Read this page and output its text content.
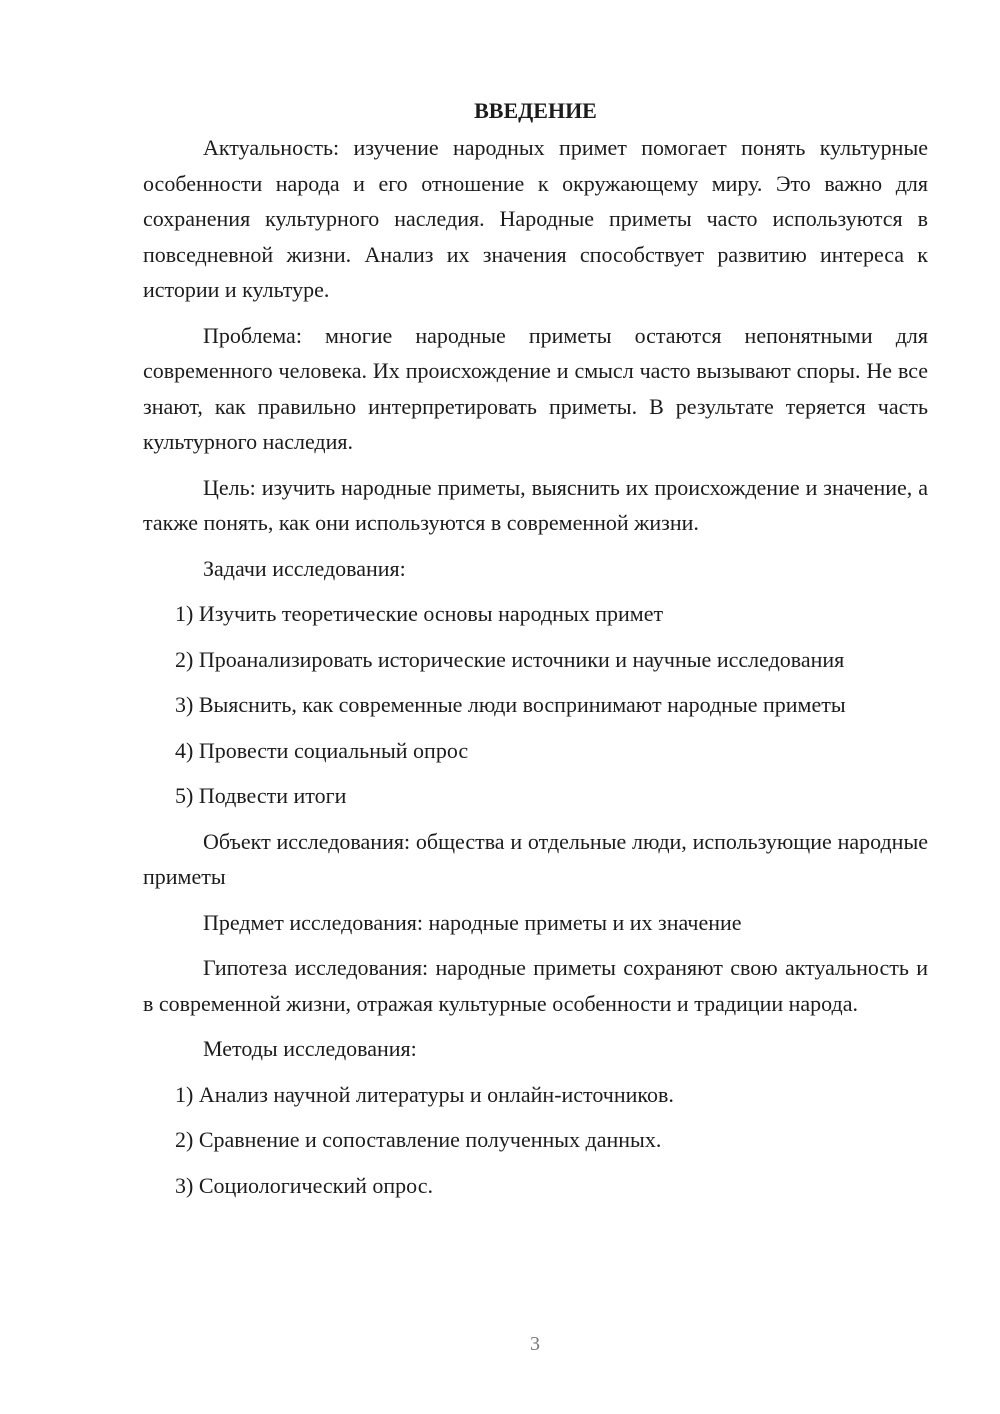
ВВЕДЕНИЕ

Актуальность: изучение народных примет помогает понять культурные особенности народа и его отношение к окружающему миру. Это важно для сохранения культурного наследия. Народные приметы часто используются в повседневной жизни. Анализ их значения способствует развитию интереса к истории и культуре.

Проблема: многие народные приметы остаются непонятными для современного человека. Их происхождение и смысл часто вызывают споры. Не все знают, как правильно интерпретировать приметы. В результате теряется часть культурного наследия.

Цель: изучить народные приметы, выяснить их происхождение и значение, а также понять, как они используются в современной жизни.

Задачи исследования:

1) Изучить теоретические основы народных примет

2) Проанализировать исторические источники и научные исследования

3) Выяснить, как современные люди воспринимают народные приметы

4) Провести социальный опрос

5) Подвести итоги

Объект исследования: общества и отдельные люди, использующие народные приметы

Предмет исследования: народные приметы и их значение

Гипотеза исследования: народные приметы сохраняют свою актуальность и в современной жизни, отражая культурные особенности и традиции народа.

Методы исследования:

1) Анализ научной литературы и онлайн-источников.

2) Сравнение и сопоставление полученных данных.

3) Социологический опрос.

3
